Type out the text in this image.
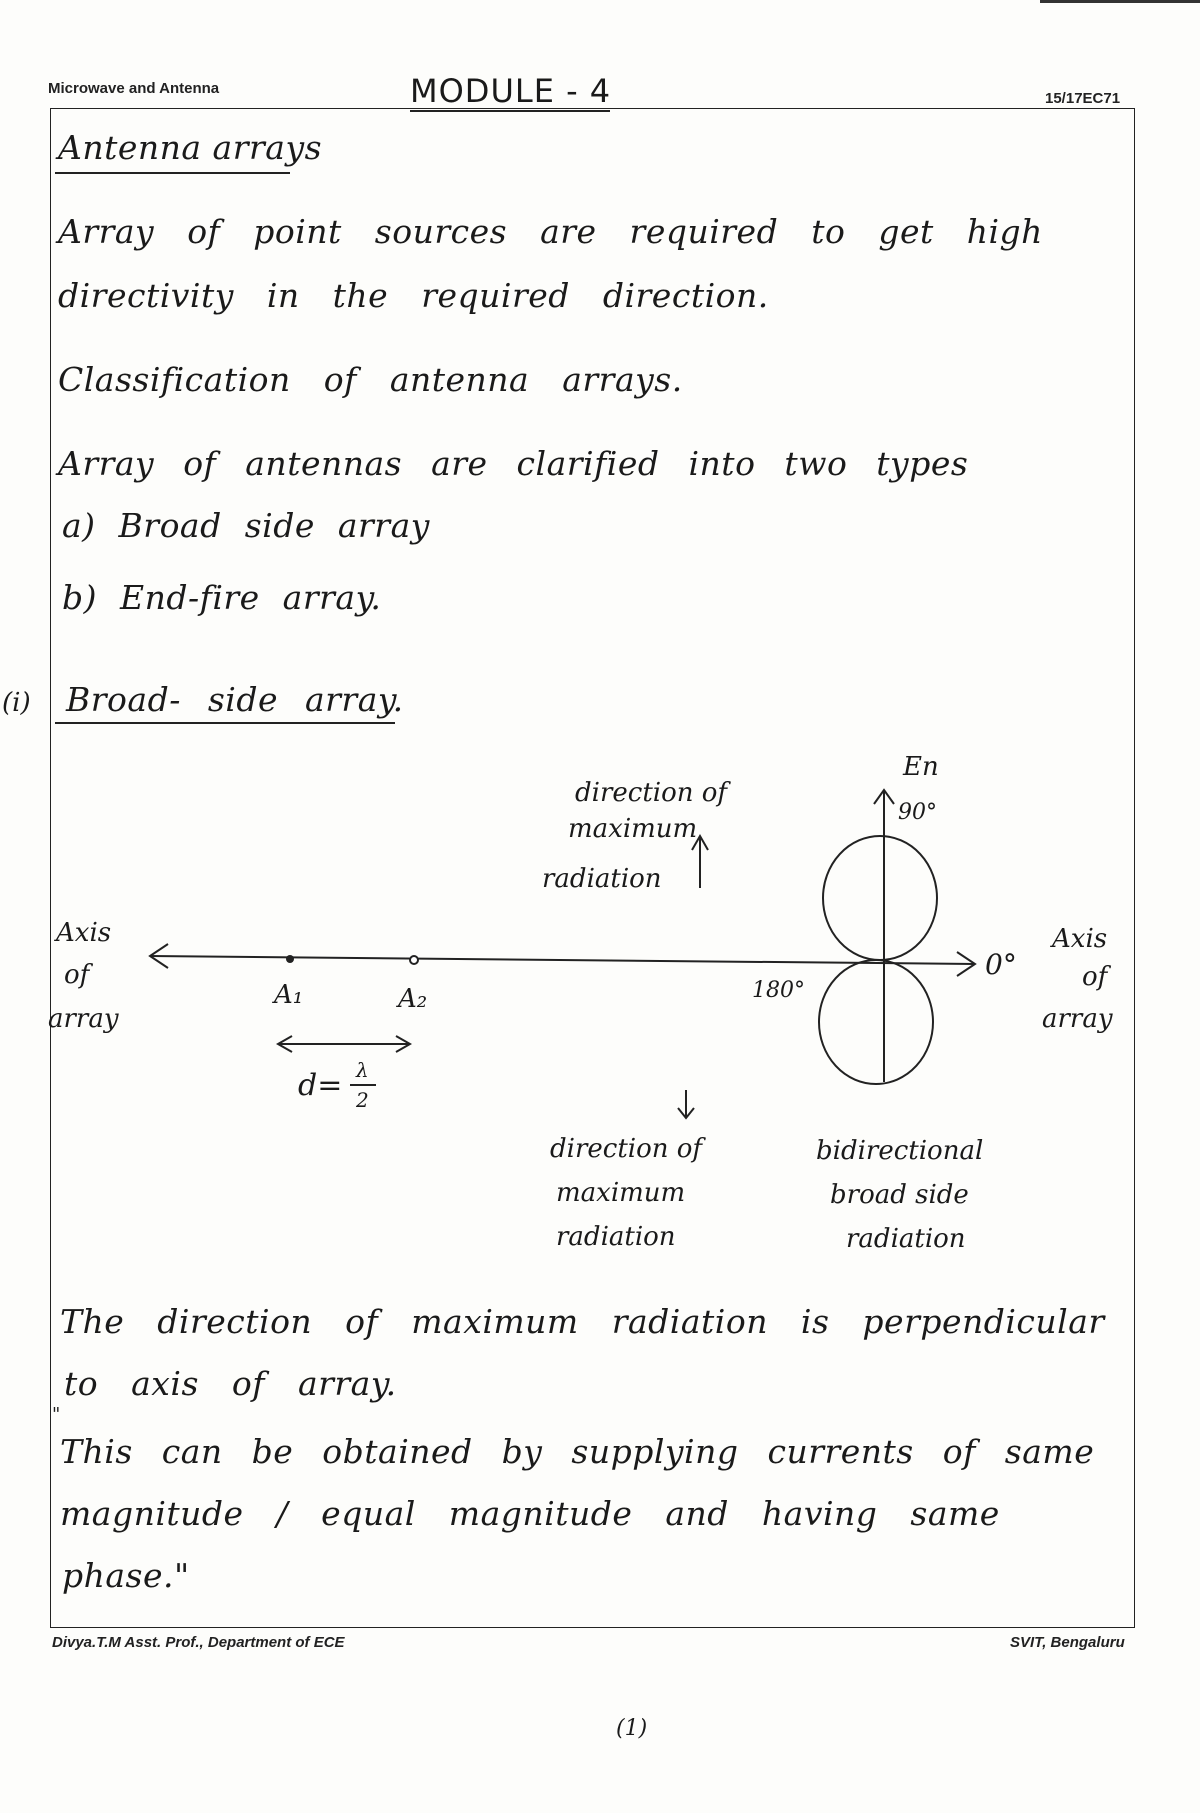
Microwave and Antenna	MODULE - 4	15/17EC71
Antenna arrays
Array of point sources are required to get high
directivity in the required direction.
Classification of antenna arrays.
Array of antennas are clarified into two types
a) Broad side array
b) End-fire array.
(i) Broad- side array.
direction of
maximum
radiation
En
90°
0°
180°
Axis
of
array
Axis
of
array
A₁	A₂
d= λ
2
direction of
maximum
radiation
bidirectional
broad side
radiation
The direction of maximum radiation is perpendicular
to axis of array.
"
This can be obtained by supplying currents of same
magnitude / equal magnitude and having same
phase."
Divya.T.M Asst. Prof., Department of ECE	SVIT, Bengaluru
(1)
